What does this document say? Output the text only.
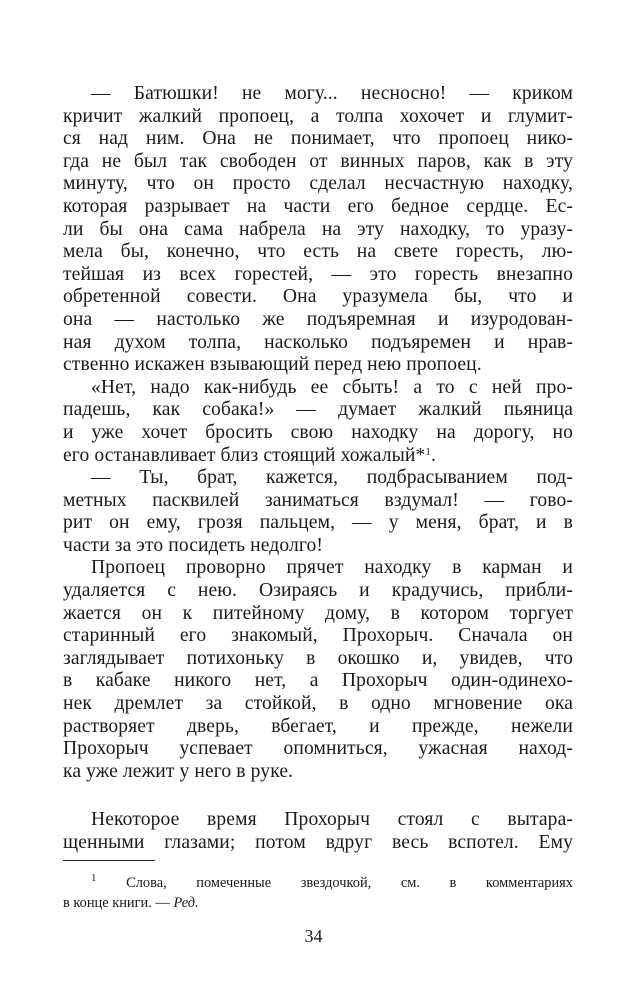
— Батюшки! не могу... несносно! — криком
кричит жалкий пропоец, а толпа хохочет и глумит-
ся над ним. Она не понимает, что пропоец нико-
гда не был так свободен от винных паров, как в эту
минуту, что он просто сделал несчастную находку,
которая разрывает на части его бедное сердце. Ес-
ли бы она сама набрела на эту находку, то уразу-
мела бы, конечно, что есть на свете горесть, лю-
тейшая из всех горестей, — это горесть внезапно
обретенной совести. Она уразумела бы, что и
она — настолько же подъяремная и изуродован-
ная духом толпа, насколько подъяремен и нрав-
ственно искажен взывающий перед нею пропоец.
«Нет, надо как-нибудь ее сбыть! а то с ней про-
падешь, как собака!» — думает жалкий пьяница
и уже хочет бросить свою находку на дорогу, но
его останавливает близ стоящий хожалый*$^1$.
— Ты, брат, кажется, подбрасыванием под-
метных пасквилей заниматься вздумал! — гово-
рит он ему, грозя пальцем, — у меня, брат, и в
части за это посидеть недолго!
Пропоец проворно прячет находку в карман и
удаляется с нею. Озираясь и крадучись, прибли-
жается он к питейному дому, в котором торгует
старинный его знакомый, Прохорыч. Сначала он
заглядывает потихоньку в окошко и, увидев, что
в кабаке никого нет, а Прохорыч один-одинехо-
нек дремлет за стойкой, в одно мгновение ока
растворяет дверь, вбегает, и прежде, нежели
Прохорыч успевает опомниться, ужасная наход-
ка уже лежит у него в руке.
Некоторое время Прохорыч стоял с вытара-
щенными глазами; потом вдруг весь вспотел. Ему
$^1$ Слова, помеченные звездочкой, см. в комментариях
в конце книги. — Ред.
34
